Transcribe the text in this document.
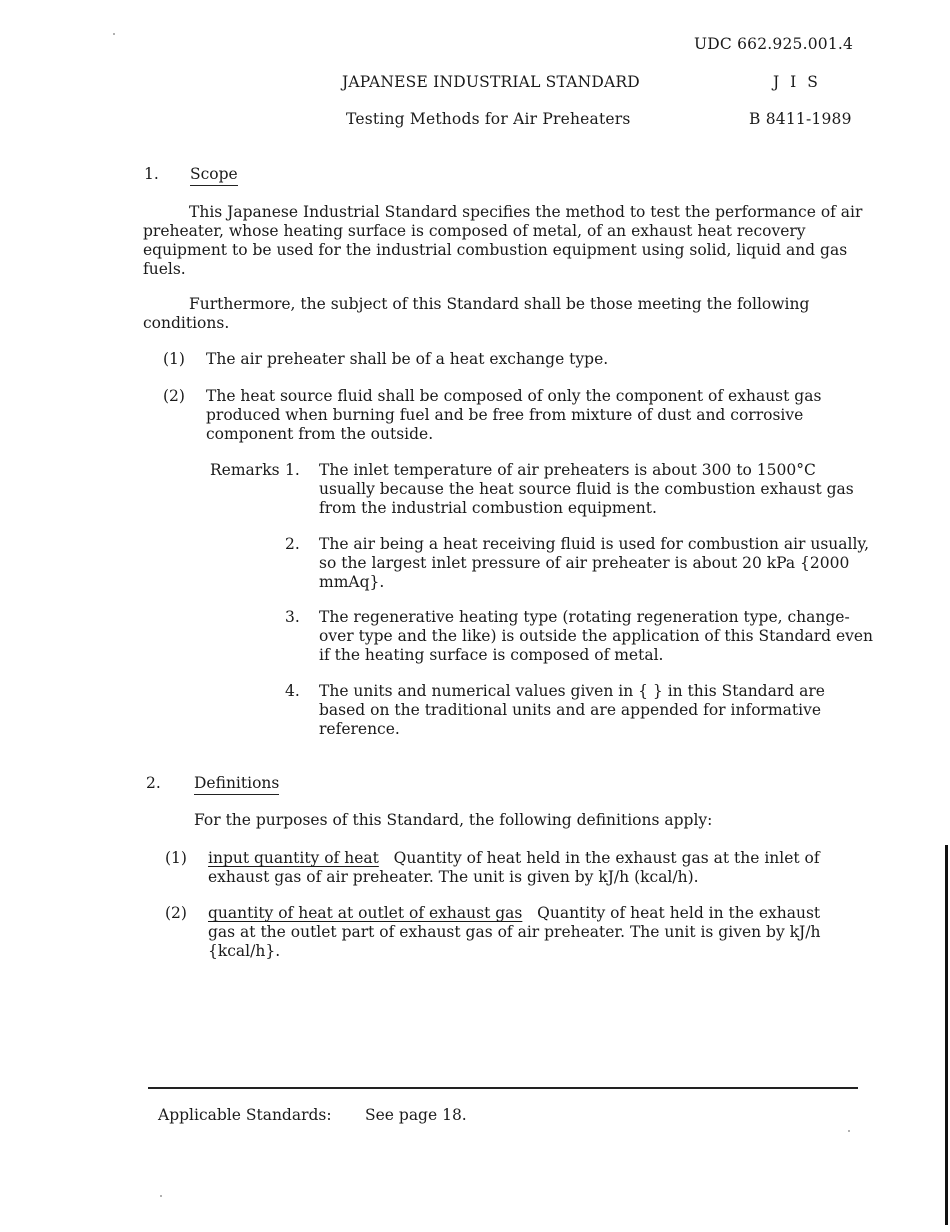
UDC 662.925.001.4
JAPANESE INDUSTRIAL STANDARD	J I S
Testing Methods for Air Preheaters	B 8411-1989
1. Scope
This Japanese Industrial Standard specifies the method to test the performance of air preheater, whose heating surface is composed of metal, of an exhaust heat recovery equipment to be used for the industrial combustion equipment using solid, liquid and gas fuels.
Furthermore, the subject of this Standard shall be those meeting the following conditions.
(1) The air preheater shall be of a heat exchange type.
(2) The heat source fluid shall be composed of only the component of exhaust gas produced when burning fuel and be free from mixture of dust and corrosive component from the outside.
Remarks 1. The inlet temperature of air preheaters is about 300 to 1500°C usually because the heat source fluid is the combustion exhaust gas from the industrial combustion equipment.
2. The air being a heat receiving fluid is used for combustion air usually, so the largest inlet pressure of air preheater is about 20 kPa {2000 mmAq}.
3. The regenerative heating type (rotating regeneration type, change-over type and the like) is outside the application of this Standard even if the heating surface is composed of metal.
4. The units and numerical values given in { } in this Standard are based on the traditional units and are appended for informative reference.
2. Definitions
For the purposes of this Standard, the following definitions apply:
(1) input quantity of heat Quantity of heat held in the exhaust gas at the inlet of exhaust gas of air preheater. The unit is given by kJ/h (kcal/h).
(2) quantity of heat at outlet of exhaust gas Quantity of heat held in the exhaust gas at the outlet part of exhaust gas of air preheater. The unit is given by kJ/h {kcal/h}.
Applicable Standards: See page 18.
